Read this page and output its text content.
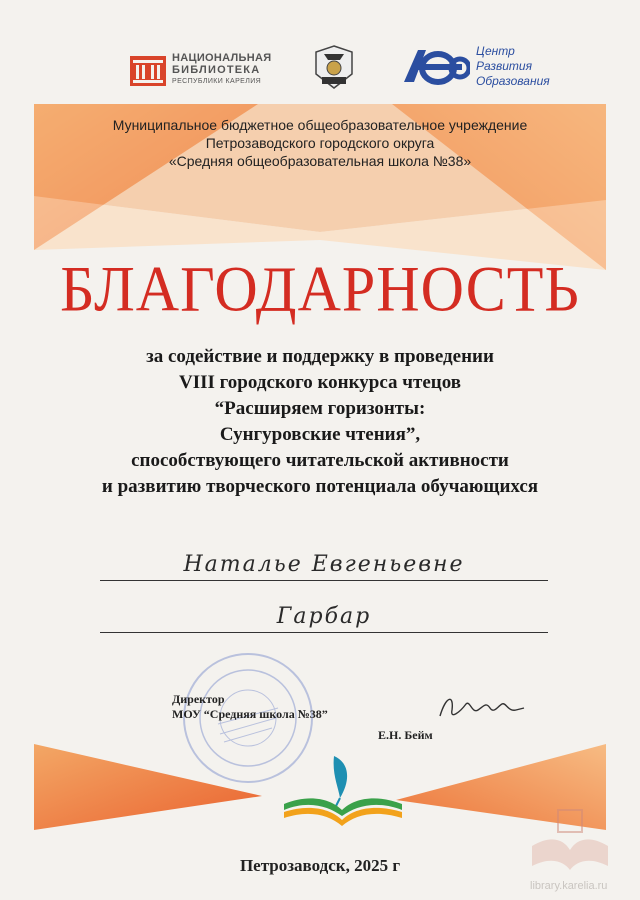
НАЦИОНАЛЬНАЯ
БИБЛИОТЕКА
РЕСПУБЛИКИ КАРЕЛИЯ	ШКОЛА
Центр
Развития
Образования
Муниципальное бюджетное общеобразовательное учреждение
Петрозаводского городского округа
«Средняя общеобразовательная школа №38»
БЛАГОДАРНОСТЬ
за содействие и поддержку в проведении
VIII городского конкурса чтецов
“Расширяем горизонты:
Сунгуровские чтения”,
способствующего читательской активности
и развитию творческого потенциала обучающихся
Наталье Евгеньевне
Гарбар
Директор
МОУ “Средняя школа №38”
Е.Н. Бейм
Петрозаводск, 2025 г
library.karelia.ru
